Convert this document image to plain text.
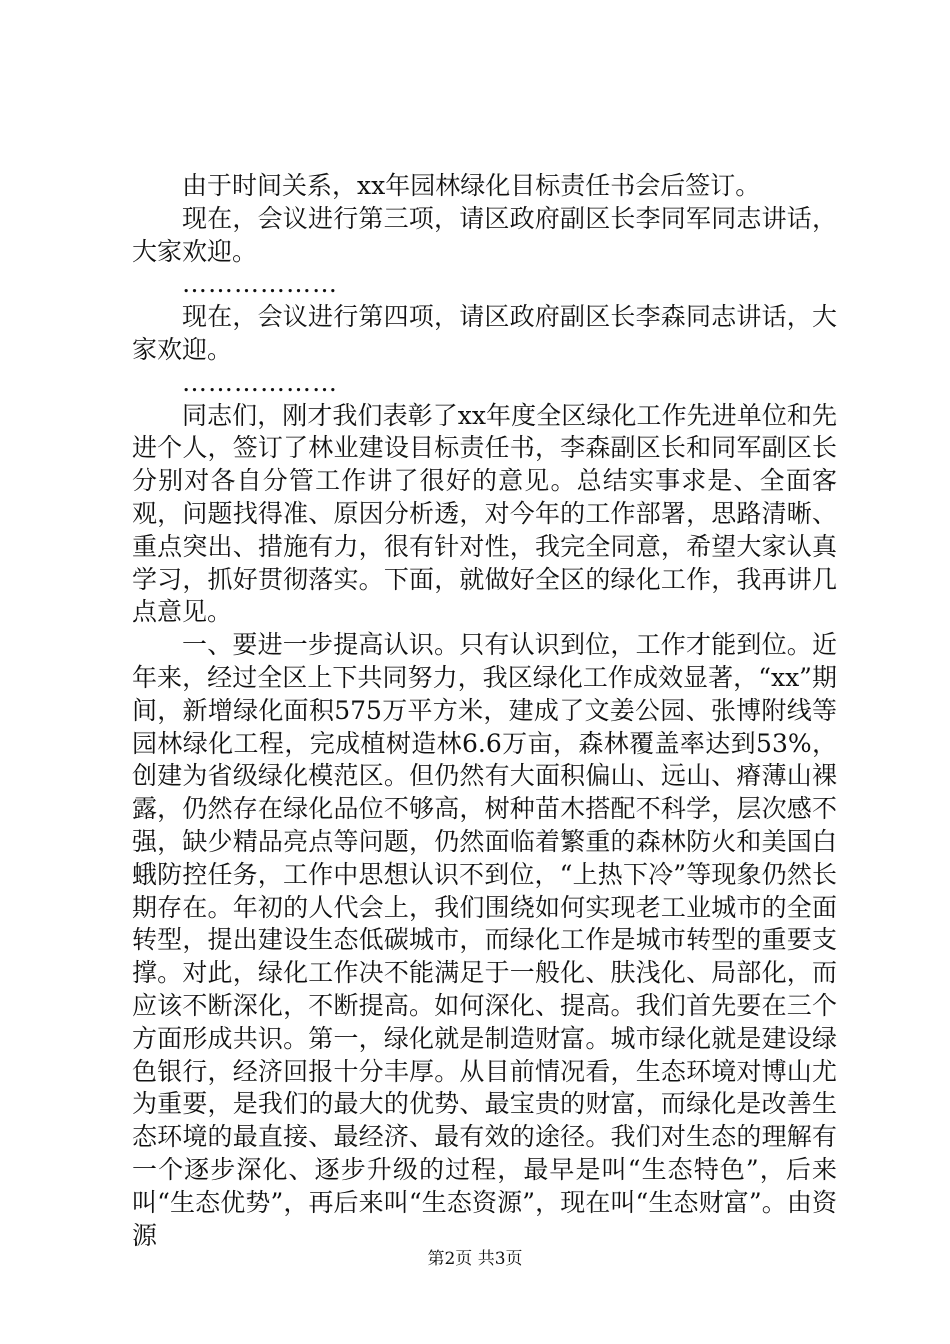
由于时间关系，xx年园林绿化目标责任书会后签订。

现在，会议进行第三项，请区政府副区长李同军同志讲话，大家欢迎。

………………

现在，会议进行第四项，请区政府副区长李森同志讲话，大家欢迎。

………………

同志们，刚才我们表彰了xx年度全区绿化工作先进单位和先进个人，签订了林业建设目标责任书，李森副区长和同军副区长分别对各自分管工作讲了很好的意见。总结实事求是、全面客观，问题找得准、原因分析透，对今年的工作部署，思路清晰、重点突出、措施有力，很有针对性，我完全同意，希望大家认真学习，抓好贯彻落实。下面，就做好全区的绿化工作，我再讲几点意见。

一、要进一步提高认识。只有认识到位，工作才能到位。近年来，经过全区上下共同努力，我区绿化工作成效显著，“xx”期间，新增绿化面积575万平方米，建成了文姜公园、张博附线等园林绿化工程，完成植树造林6.6万亩，森林覆盖率达到53%，创建为省级绿化模范区。但仍然有大面积偏山、远山、瘠薄山裸露，仍然存在绿化品位不够高，树种苗木搭配不科学，层次感不强，缺少精品亮点等问题，仍然面临着繁重的森林防火和美国白蛾防控任务，工作中思想认识不到位，“上热下冷”等现象仍然长期存在。年初的人代会上，我们围绕如何实现老工业城市的全面转型，提出建设生态低碳城市，而绿化工作是城市转型的重要支撑。对此，绿化工作决不能满足于一般化、肤浅化、局部化，而应该不断深化，不断提高。如何深化、提高。我们首先要在三个方面形成共识。第一，绿化就是制造财富。城市绿化就是建设绿色银行，经济回报十分丰厚。从目前情况看，生态环境对博山尤为重要，是我们的最大的优势、最宝贵的财富，而绿化是改善生态环境的最直接、最经济、最有效的途径。我们对生态的理解有一个逐步深化、逐步升级的过程，最早是叫“生态特色”，后来叫“生态优势”，再后来叫“生态资源”，现在叫“生态财富”。由资源

第2页 共3页
